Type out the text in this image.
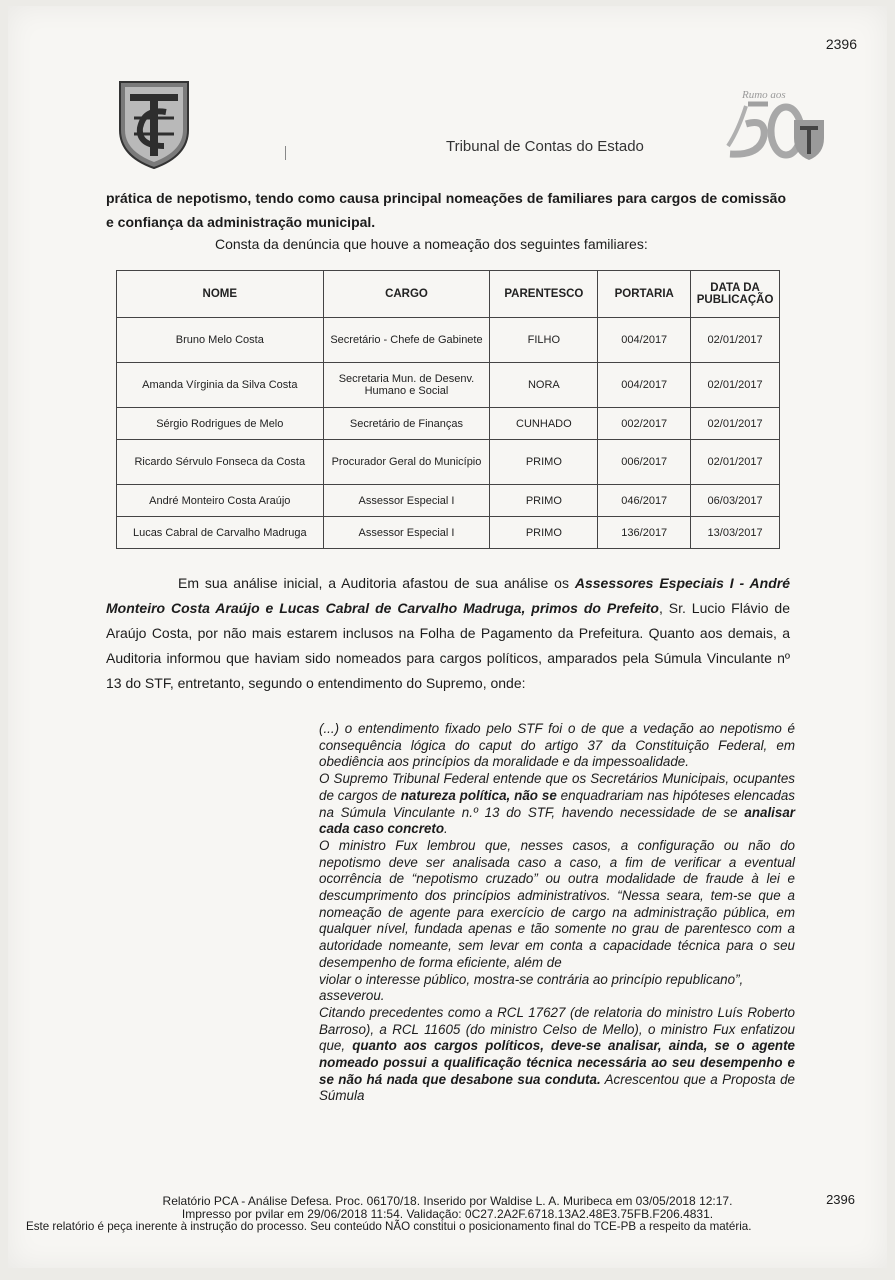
2396
Tribunal de Contas do Estado
Rumo aos
prática de nepotismo, tendo como causa principal nomeações de familiares para cargos de comissão e confiança da administração municipal.
Consta da denúncia que houve a nomeação dos seguintes familiares:
NOME	CARGO	PARENTESCO	PORTARIA	DATA DA PUBLICAÇÃO
Bruno Melo Costa	Secretário - Chefe de Gabinete	FILHO	004/2017	02/01/2017
Amanda Vírginia da Silva Costa	Secretaria Mun. de Desenv. Humano e Social	NORA	004/2017	02/01/2017
Sérgio Rodrigues de Melo	Secretário de Finanças	CUNHADO	002/2017	02/01/2017
Ricardo Sérvulo Fonseca da Costa	Procurador Geral do Município	PRIMO	006/2017	02/01/2017
André Monteiro Costa Araújo	Assessor Especial I	PRIMO	046/2017	06/03/2017
Lucas Cabral de Carvalho Madruga	Assessor Especial I	PRIMO	136/2017	13/03/2017
Em sua análise inicial, a Auditoria afastou de sua análise os Assessores Especiais I - André Monteiro Costa Araújo e Lucas Cabral de Carvalho Madruga, primos do Prefeito, Sr. Lucio Flávio de Araújo Costa, por não mais estarem inclusos na Folha de Pagamento da Prefeitura. Quanto aos demais, a Auditoria informou que haviam sido nomeados para cargos políticos, amparados pela Súmula Vinculante nº 13 do STF, entretanto, segundo o entendimento do Supremo, onde:

(...) o entendimento fixado pelo STF foi o de que a vedação ao nepotismo é consequência lógica do caput do artigo 37 da Constituição Federal, em obediência aos princípios da moralidade e da impessoalidade.

O Supremo Tribunal Federal entende que os Secretários Municipais, ocupantes de cargos de natureza política, não se enquadrariam nas hipóteses elencadas na Súmula Vinculante n.º 13 do STF, havendo necessidade de se analisar cada caso concreto.

O ministro Fux lembrou que, nesses casos, a configuração ou não do nepotismo deve ser analisada caso a caso, a fim de verificar a eventual ocorrência de “nepotismo cruzado” ou outra modalidade de fraude à lei e descumprimento dos princípios administrativos. “Nessa seara, tem-se que a nomeação de agente para exercício de cargo na administração pública, em qualquer nível, fundada apenas e tão somente no grau de parentesco com a autoridade nomeante, sem levar em conta a capacidade técnica para o seu desempenho de forma eficiente, além de

violar o interesse público, mostra-se contrária ao princípio republicano”,

asseverou.

Citando precedentes como a RCL 17627 (de relatoria do ministro Luís Roberto Barroso), a RCL 11605 (do ministro Celso de Mello), o ministro Fux enfatizou que, quanto aos cargos políticos, deve-se analisar, ainda, se o agente nomeado possui a qualificação técnica necessária ao seu desempenho e se não há nada que desabone sua conduta. Acrescentou que a Proposta de Súmula

2396
Relatório PCA - Análise Defesa. Proc. 06170/18. Inserido por Waldise L. A. Muribeca em 03/05/2018 12:17.
Impresso por pvilar em 29/06/2018 11:54. Validação: 0C27.2A2F.6718.13A2.48E3.75FB.F206.4831.
Este relatório é peça inerente à instrução do processo. Seu conteúdo NÃO constitui o posicionamento final do TCE-PB a respeito da matéria.
